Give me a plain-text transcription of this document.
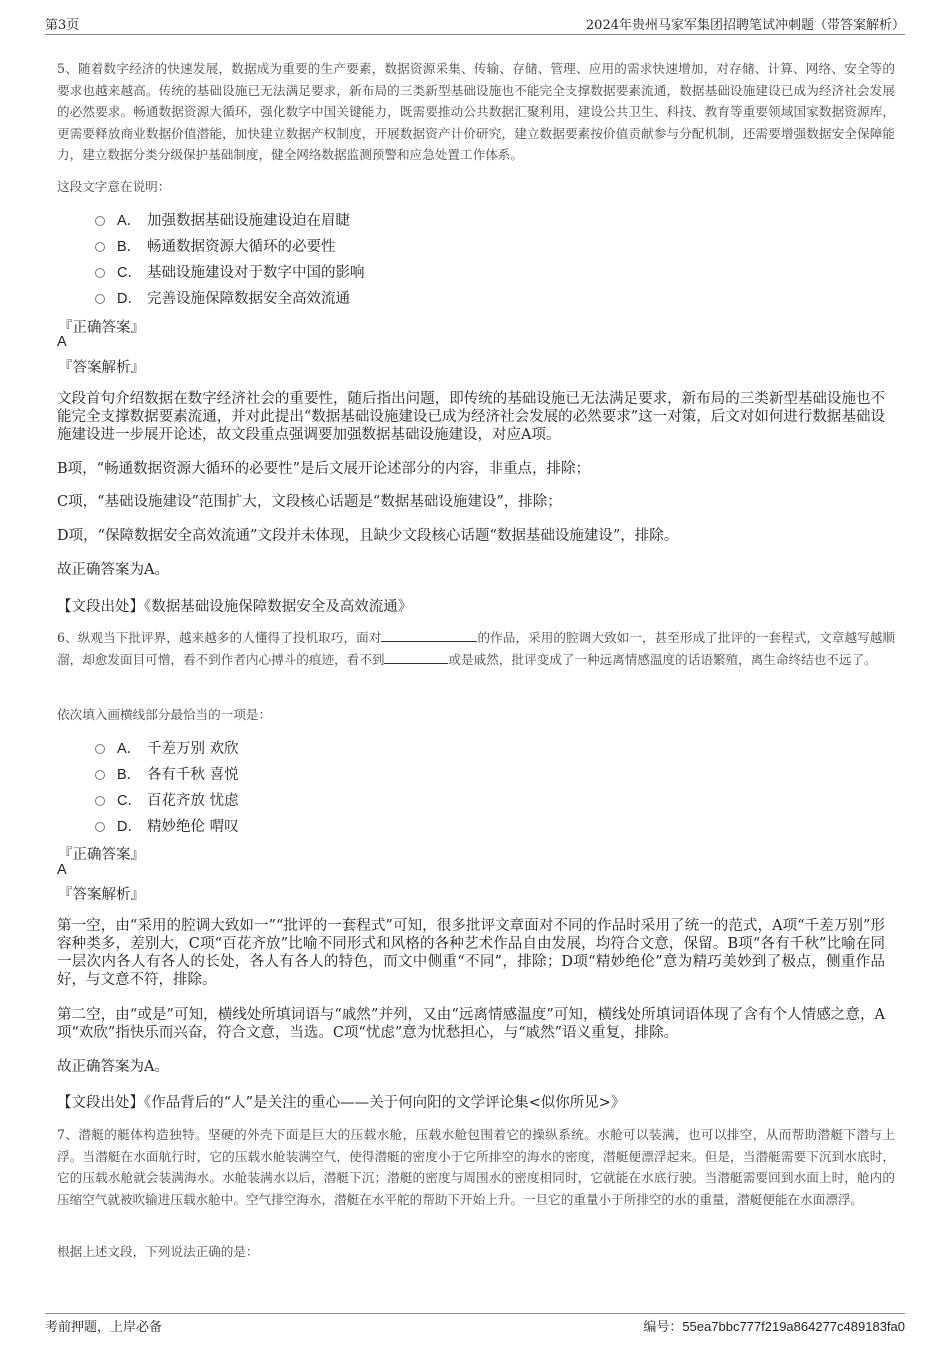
第3页	2024年贵州马家军集团招聘笔试冲刺题（带答案解析）
5、随着数字经济的快速发展，数据成为重要的生产要素，数据资源采集、传输、存储、管理、应用的需求快速增加，对存储、计算、网络、安全等的要求也越来越高。传统的基础设施已无法满足要求，新布局的三类新型基础设施也不能完全支撑数据要素流通，数据基础设施建设已成为经济社会发展的必然要求。畅通数据资源大循环，强化数字中国关键能力，既需要推动公共数据汇聚利用，建设公共卫生、科技、教育等重要领域国家数据资源库，更需要释放商业数据价值潜能，加快建立数据产权制度，开展数据资产计价研究，建立数据要素按价值贡献参与分配机制，还需要增强数据安全保障能力，建立数据分类分级保护基础制度，健全网络数据监测预警和应急处置工作体系。
这段文字意在说明：
A． 加强数据基础设施建设迫在眉睫
B． 畅通数据资源大循环的必要性
C． 基础设施建设对于数字中国的影响
D． 完善设施保障数据安全高效流通
『正确答案』
A
『答案解析』
文段首句介绍数据在数字经济社会的重要性，随后指出问题，即传统的基础设施已无法满足要求，新布局的三类新型基础设施也不能完全支撑数据要素流通，并对此提出“数据基础设施建设已成为经济社会发展的必然要求”这一对策，后文对如何进行数据基础设施建设进一步展开论述，故文段重点强调要加强数据基础设施建设，对应A项。
B项，“畅通数据资源大循环的必要性”是后文展开论述部分的内容，非重点，排除；
C项，“基础设施建设”范围扩大，文段核心话题是“数据基础设施建设”，排除；
D项，“保障数据安全高效流通”文段并未体现，且缺少文段核心话题“数据基础设施建设”，排除。
故正确答案为A。
【文段出处】《数据基础设施保障数据安全及高效流通》
6、纵观当下批评界，越来越多的人懂得了投机取巧，面对	的作品，采用的腔调大致如一，甚至形成了批评的一套程式，文章越写越顺溜，却愈发面目可憎，看不到作者内心搏斗的痕迹，看不到	或是戚然，批评变成了一种远离情感温度的话语繁殖，离生命终结也不远了。
依次填入画横线部分最恰当的一项是：
A． 千差万别 欢欣
B． 各有千秋 喜悦
C． 百花齐放 忧虑
D． 精妙绝伦 喟叹
『正确答案』
A
『答案解析』
第一空，由“采用的腔调大致如一”“批评的一套程式”可知，很多批评文章面对不同的作品时采用了统一的范式，A项“千差万别”形容种类多，差别大，C项“百花齐放”比喻不同形式和风格的各种艺术作品自由发展，均符合文意，保留。B项“各有千秋”比喻在同一层次内各人有各人的长处，各人有各人的特色，而文中侧重“不同”，排除；D项“精妙绝伦”意为精巧美妙到了极点，侧重作品好，与文意不符，排除。
第二空，由“或是”可知，横线处所填词语与“戚然”并列，又由“远离情感温度”可知，横线处所填词语体现了含有个人情感之意，A项“欢欣”指快乐而兴奋，符合文意，当选。C项“忧虑”意为忧愁担心，与“戚然”语义重复，排除。
故正确答案为A。
【文段出处】《作品背后的“人”是关注的重心——关于何向阳的文学评论集<似你所见>》
7、潜艇的艇体构造独特。坚硬的外壳下面是巨大的压载水舱，压载水舱包围着它的操纵系统。水舱可以装满，也可以排空，从而帮助潜艇下潜与上浮。当潜艇在水面航行时，它的压载水舱装满空气，使得潜艇的密度小于它所排空的海水的密度，潜艇便漂浮起来。但是，当潜艇需要下沉到水底时，它的压载水舱就会装满海水。水舱装满水以后，潜艇下沉；潜艇的密度与周围水的密度相同时，它就能在水底行驶。当潜艇需要回到水面上时，舱内的压缩空气就被吹输进压载水舱中。空气排空海水，潜艇在水平舵的帮助下开始上升。一旦它的重量小于所排空的水的重量，潜艇便能在水面漂浮。
根据上述文段，下列说法正确的是：
考前押题，上岸必备	编号：55ea7bbc777f219a864277c489183fa0
